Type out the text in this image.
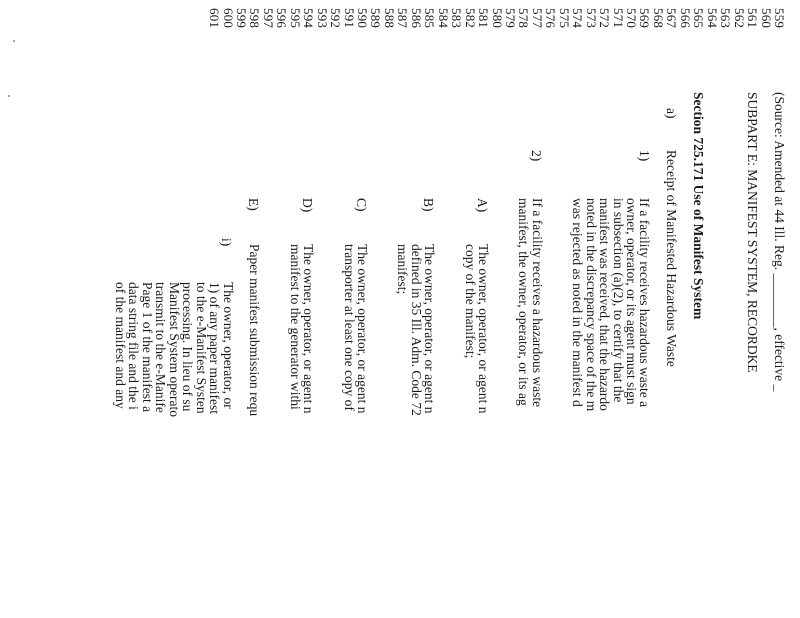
559
560
561
562
563
564
565
566
567
568
569
570
571
572
573
574
575
576
577
578
579
580
581
582
583
584
585
586
587
588
589
590
591
592
593
594
595
596
597
598
599
600
601
(Source: Amended at 44 Ill. Reg. ________, effective _
SUBPART E: MANIFEST SYSTEM, RECORDKE
Section 725.171 Use of Manifest System
a)
Receipt of Manifested Hazardous Waste
1)
If a facility receives hazardous waste a
owner, operator, or its agent must sign
in subsection (a)(2), to certify that the
manifest was received, that the hazardo
noted in the discrepancy space of the m
was rejected as noted in the manifest d
2)
If a facility receives a hazardous waste
manifest, the owner, operator, or its ag
A)
The owner, operator, or agent n
copy of the manifest;
B)
The owner, operator, or agent n
defined in 35 Ill. Adm. Code 72
manifest;
C)
The owner, operator, or agent n
transporter at least one copy of
D)
The owner, operator, or agent n
manifest to the generator withi
E)
Paper manifest submission requ
i)
The owner, operator, or
1) of any paper manifest
to the e-Manifest Systen
processing. In lieu of su
Manifest System operato
transmit to the e-Manife
Page 1 of the manifest a
data string file and the i
of the manifest and any
